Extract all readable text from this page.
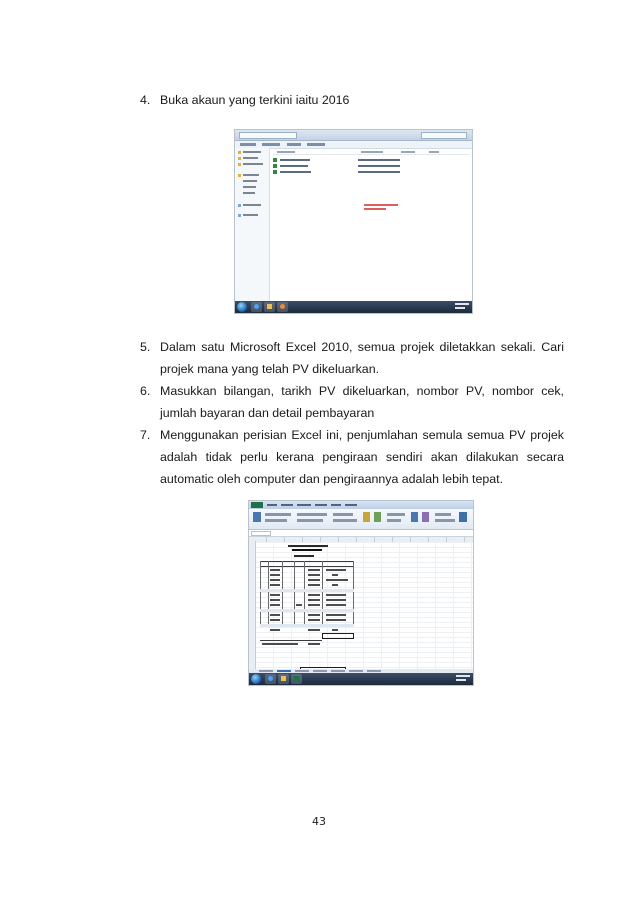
4. Buka akaun yang terkini iaitu 2016
5. Dalam satu Microsoft Excel 2010, semua projek diletakkan sekali. Cari projek mana yang telah PV dikeluarkan.
6. Masukkan bilangan, tarikh PV dikeluarkan, nombor PV, nombor cek, jumlah bayaran dan detail pembayaran
7. Menggunakan perisian Excel ini, penjumlahan semula semua PV projek adalah tidak perlu kerana pengiraan sendiri akan dilakukan secara automatic oleh computer dan pengiraannya adalah lebih tepat.
43
